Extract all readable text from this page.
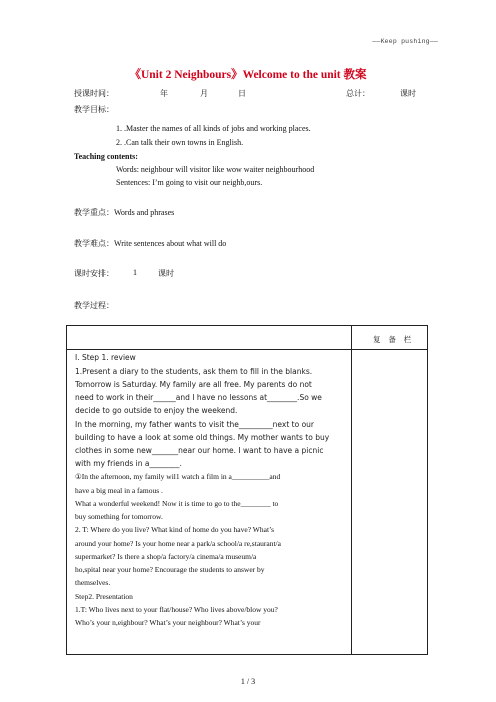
——Keep pushing——
《Unit 2 Neighbours》Welcome to the unit 教案
授课时间：	年	月	日	总计：	课时
教学目标：
1. .Master the names of all kinds of jobs and working places.
2. .Can talk their own towns in English.
Teaching contents:
Words: neighbour will visitor like wow waiter neighbourhood
Sentences: I’m going to visit our neighb,ours.
教学重点：Words and phrases
教学难点：Write sentences about what will do
课时安排： 1	课时
教学过程：
复 备 栏
Ⅰ. Step 1. review
1.Present a diary to the students, ask them to fill in the blanks.
Tomorrow is Saturday. My family are all free. My parents do not
need to work in their______and I have no lessons at________.So we
decide to go outside to enjoy the weekend.
In the morning, my father wants to visit the_________next to our
building to have a look at some old things. My mother wants to buy
clothes in some new_______near our home. I want to have a picnic
with my friends in a________.
①In the afternoon, my family wil1 watch a film in a__________and
have a big meal in a famous .
What a wonderful weekend! Now it is time to go to the________ to
buy something for tomorrow.
2. T: Where do you live? What kind of home do you have? What’s
around your home? Is your home near a park/a school/a re,staurant/a
supermarket? Is there a shop/a factory/a cinema/a museum/a
ho,spital near your home? Encourage the students to answer by
themselves.
Step2. Presentation
1.T: Who lives next to your flat/house? Who lives above/blow you?
Who’s your n,eighbour? What’s your neighbour? What’s your
1 / 3
